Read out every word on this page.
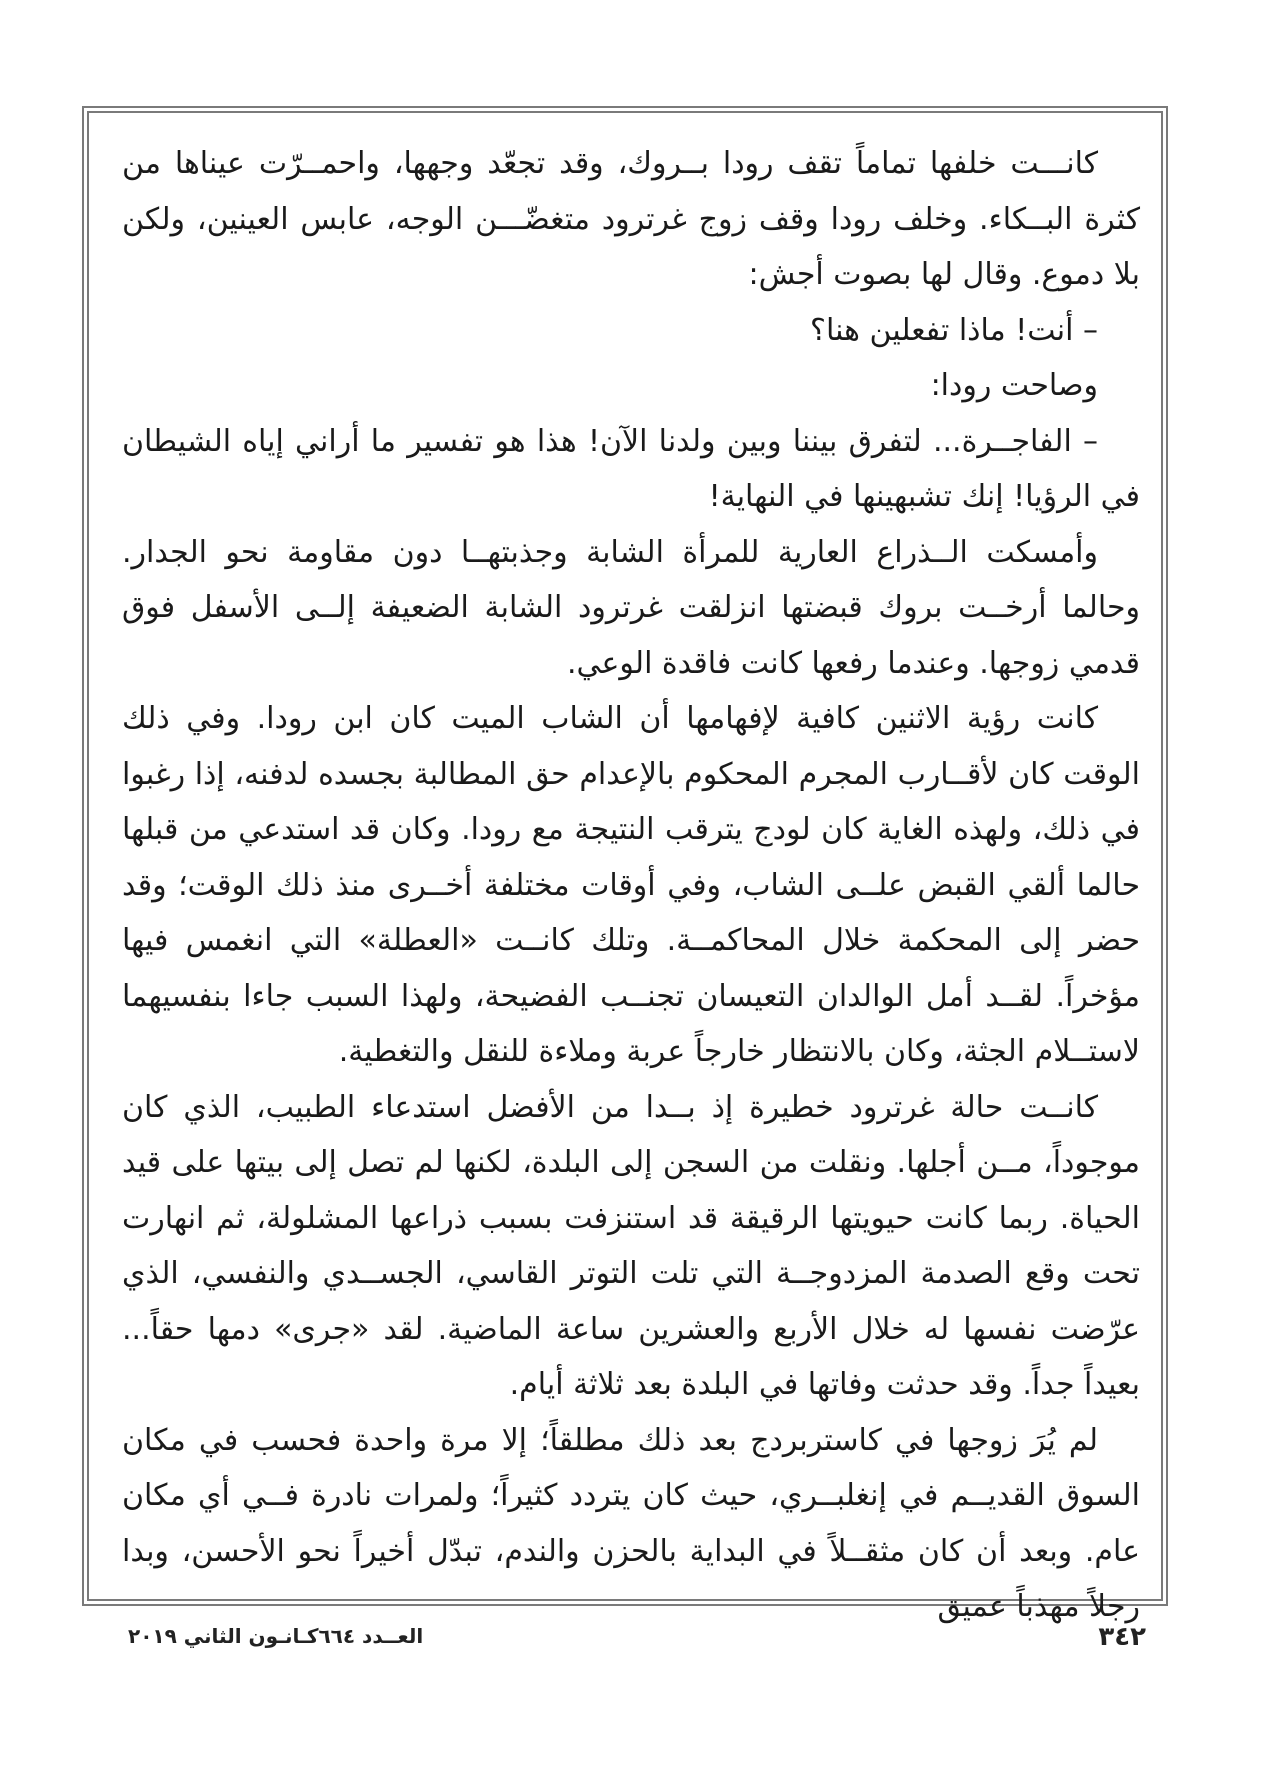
كانـــت خلفها تماماً تقف رودا بــروك، وقد تجعّد وجهها، واحمــرّت عيناها من كثرة البــكاء. وخلف رودا وقف زوج غرترود متغضّـــن الوجه، عابس العينين، ولكن بلا دموع. وقال لها بصوت أجش:

– أنت! ماذا تفعلين هنا؟

وصاحت رودا:

– الفاجــرة... لتفرق بيننا وبين ولدنا الآن! هذا هو تفسير ما أراني إياه الشيطان في الرؤيا! إنك تشبهينها في النهاية!

وأمسكت الــذراع العارية للمرأة الشابة وجذبتهــا دون مقاومة نحو الجدار. وحالما أرخــت بروك قبضتها انزلقت غرترود الشابة الضعيفة إلــى الأسفل فوق قدمي زوجها. وعندما رفعها كانت فاقدة الوعي.

كانت رؤية الاثنين كافية لإفهامها أن الشاب الميت كان ابن رودا. وفي ذلك الوقت كان لأقــارب المجرم المحكوم بالإعدام حق المطالبة بجسده لدفنه، إذا رغبوا في ذلك، ولهذه الغاية كان لودج يترقب النتيجة مع رودا. وكان قد استدعي من قبلها حالما ألقي القبض علــى الشاب، وفي أوقات مختلفة أخــرى منذ ذلك الوقت؛ وقد حضر إلى المحكمة خلال المحاكمــة. وتلك كانــت «العطلة» التي انغمس فيها مؤخراً. لقــد أمل الوالدان التعيسان تجنــب الفضيحة، ولهذا السبب جاءا بنفسيهما لاستــلام الجثة، وكان بالانتظار خارجاً عربة وملاءة للنقل والتغطية.

كانــت حالة غرترود خطيرة إذ بــدا من الأفضل استدعاء الطبيب، الذي كان موجوداً، مــن أجلها. ونقلت من السجن إلى البلدة، لكنها لم تصل إلى بيتها على قيد الحياة. ربما كانت حيويتها الرقيقة قد استنزفت بسبب ذراعها المشلولة، ثم انهارت تحت وقع الصدمة المزدوجــة التي تلت التوتر القاسي، الجســدي والنفسي، الذي عرّضت نفسها له خلال الأربع والعشرين ساعة الماضية. لقد «جرى» دمها حقاً... بعيداً جداً. وقد حدثت وفاتها في البلدة بعد ثلاثة أيام.

لم يُرَ زوجها في كاستربردج بعد ذلك مطلقاً؛ إلا مرة واحدة فحسب في مكان السوق القديــم في إنغلبــري، حيث كان يتردد كثيراً؛ ولمرات نادرة فــي أي مكان عام. وبعد أن كان مثقــلاً في البداية بالحزن والندم، تبدّل أخيراً نحو الأحسن، وبدا رجلاً مهذباً عميق

٣٤٢
العــدد ٦٦٤كـانـون الثاني ٢٠١٩
